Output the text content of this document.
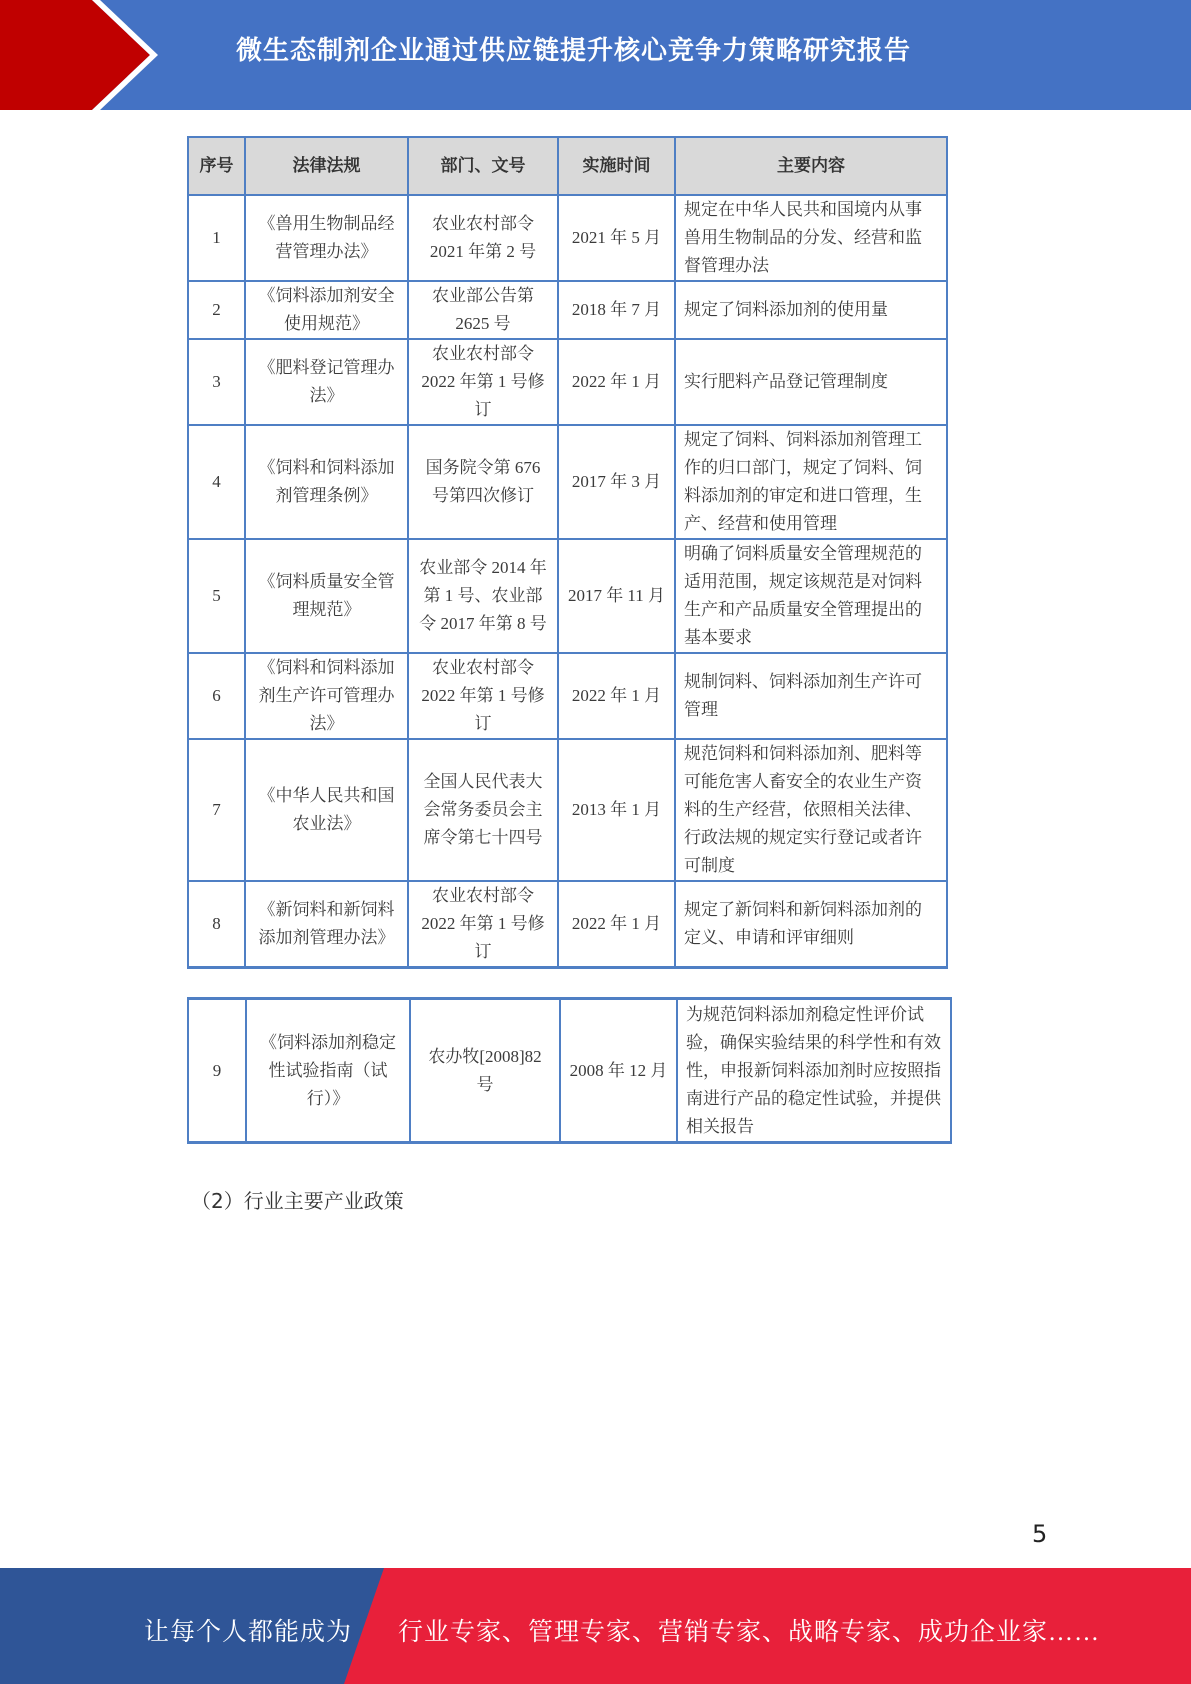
微生态制剂企业通过供应链提升核心竞争力策略研究报告
序号	法律法规	部门、文号	实施时间	主要内容
1	《兽用生物制品经营管理办法》	农业农村部令 2021 年第 2 号	2021 年 5 月	规定在中华人民共和国境内从事兽用生物制品的分发、经营和监督管理办法
2	《饲料添加剂安全使用规范》	农业部公告第 2625 号	2018 年 7 月	规定了饲料添加剂的使用量
3	《肥料登记管理办法》	农业农村部令 2022 年第 1 号修订	2022 年 1 月	实行肥料产品登记管理制度
4	《饲料和饲料添加剂管理条例》	国务院令第 676 号第四次修订	2017 年 3 月	规定了饲料、饲料添加剂管理工作的归口部门，规定了饲料、饲料添加剂的审定和进口管理，生产、经营和使用管理
5	《饲料质量安全管理规范》	农业部令 2014 年第 1 号、农业部令 2017 年第 8 号	2017 年 11 月	明确了饲料质量安全管理规范的适用范围，规定该规范是对饲料生产和产品质量安全管理提出的基本要求
6	《饲料和饲料添加剂生产许可管理办法》	农业农村部令 2022 年第 1 号修订	2022 年 1 月	规制饲料、饲料添加剂生产许可管理
7	《中华人民共和国农业法》	全国人民代表大会常务委员会主席令第七十四号	2013 年 1 月	规范饲料和饲料添加剂、肥料等可能危害人畜安全的农业生产资料的生产经营，依照相关法律、行政法规的规定实行登记或者许可制度
8	《新饲料和新饲料添加剂管理办法》	农业农村部令 2022 年第 1 号修订	2022 年 1 月	规定了新饲料和新饲料添加剂的定义、申请和评审细则
9	《饲料添加剂稳定性试验指南（试行）》	农办牧[2008]82 号	2008 年 12 月	为规范饲料添加剂稳定性评价试验，确保实验结果的科学性和有效性，申报新饲料添加剂时应按照指南进行产品的稳定性试验，并提供相关报告
（2）行业主要产业政策
5
让每个人都能成为 行业专家、管理专家、营销专家、战略专家、成功企业家……
